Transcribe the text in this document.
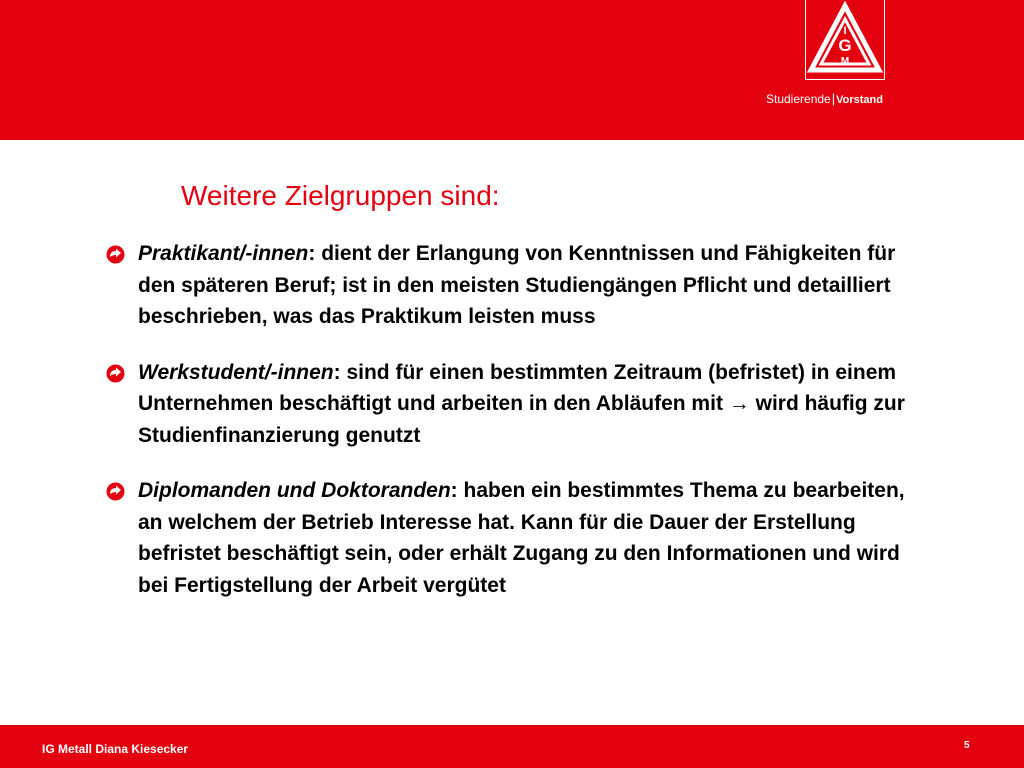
I
G
M
Studierende|Vorstand
Weitere Zielgruppen sind:
Praktikant/-innen: dient der Erlangung von Kenntnissen und Fähigkeiten für den späteren Beruf; ist in den meisten Studiengängen Pflicht und detailliert beschrieben, was das Praktikum leisten muss
Werkstudent/-innen: sind für einen bestimmten Zeitraum (befristet) in einem Unternehmen beschäftigt und arbeiten in den Abläufen mit → wird häufig zur Studienfinanzierung genutzt
Diplomanden und Doktoranden: haben ein bestimmtes Thema zu bearbeiten, an welchem der Betrieb Interesse hat. Kann für die Dauer der Erstellung befristet beschäftigt sein, oder erhält Zugang zu den Informationen und wird bei Fertigstellung der Arbeit vergütet
IG Metall Diana Kiesecker	5
